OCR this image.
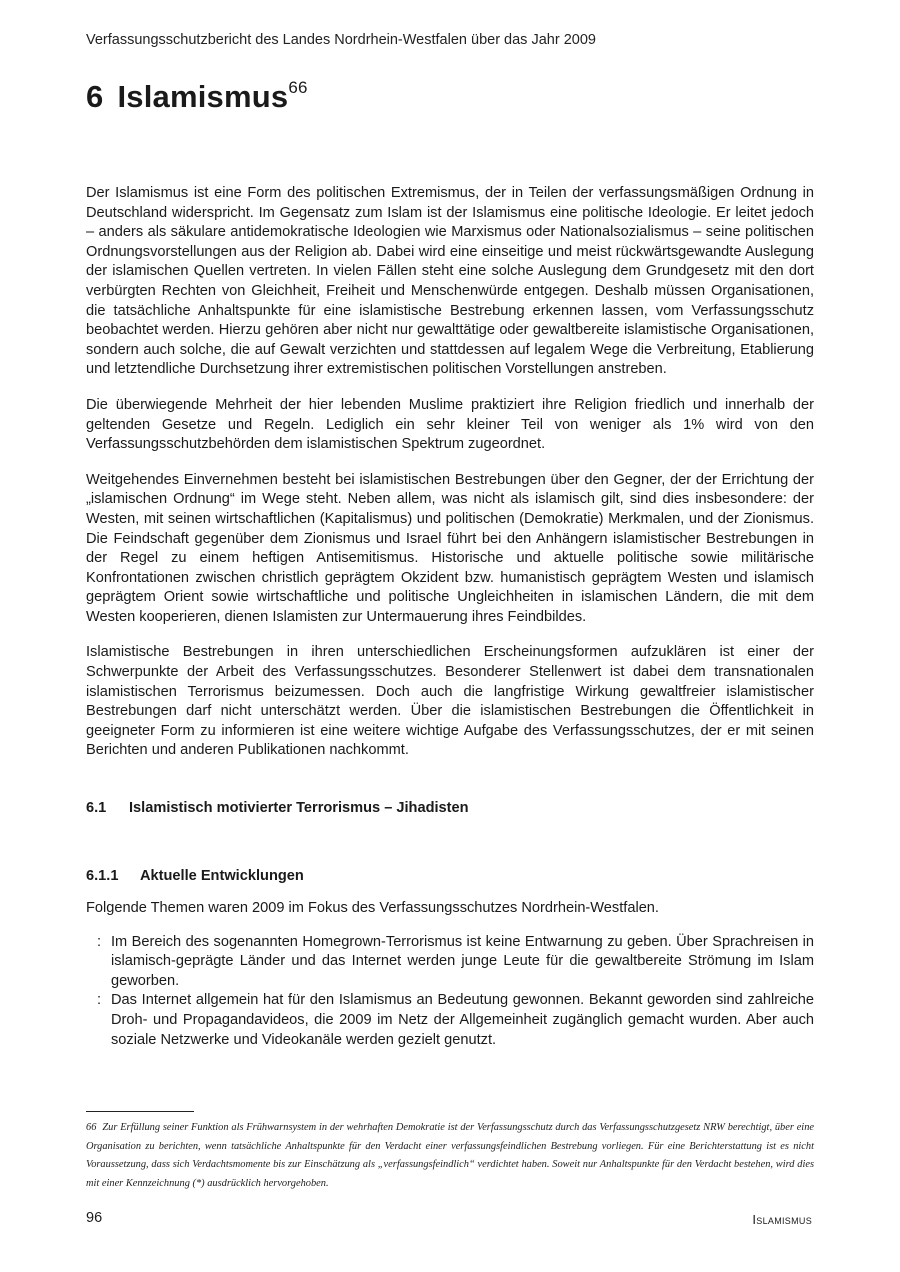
Verfassungsschutzbericht des Landes Nordrhein-Westfalen über das Jahr 2009
6 Islamismus$^{66}$

Der Islamismus ist eine Form des politischen Extremismus, der in Teilen der verfassungsmäßigen Ordnung in Deutschland widerspricht. Im Gegensatz zum Islam ist der Islamismus eine politische Ideologie. Er leitet jedoch – anders als säkulare antidemokratische Ideologien wie Marxismus oder Nationalsozialismus – seine politischen Ordnungsvorstellungen aus der Religion ab. Dabei wird eine einseitige und meist rückwärtsgewandte Auslegung der islamischen Quellen vertreten. In vielen Fällen steht eine solche Auslegung dem Grundgesetz mit den dort verbürgten Rechten von Gleichheit, Freiheit und Menschenwürde entgegen. Deshalb müssen Organisationen, die tatsächliche Anhaltspunkte für eine islamistische Bestrebung erkennen lassen, vom Verfassungsschutz beobachtet werden. Hierzu gehören aber nicht nur gewalttätige oder gewaltbereite islamistische Organisationen, sondern auch solche, die auf Gewalt verzichten und stattdessen auf legalem Wege die Verbreitung, Etablierung und letztendliche Durchsetzung ihrer extremistischen politischen Vorstellungen anstreben.

Die überwiegende Mehrheit der hier lebenden Muslime praktiziert ihre Religion friedlich und innerhalb der geltenden Gesetze und Regeln. Lediglich ein sehr kleiner Teil von weniger als 1% wird von den Verfassungsschutzbehörden dem islamistischen Spektrum zugeordnet.

Weitgehendes Einvernehmen besteht bei islamistischen Bestrebungen über den Gegner, der der Errichtung der „islamischen Ordnung“ im Wege steht. Neben allem, was nicht als islamisch gilt, sind dies insbesondere: der Westen, mit seinen wirtschaftlichen (Kapitalismus) und politischen (Demokratie) Merkmalen, und der Zionismus. Die Feindschaft gegenüber dem Zionismus und Israel führt bei den Anhängern islamistischer Bestrebungen in der Regel zu einem heftigen Antisemitismus. Historische und aktuelle politische sowie militärische Konfrontationen zwischen christlich geprägtem Okzident bzw. humanistisch geprägtem Westen und islamisch geprägtem Orient sowie wirtschaftliche und politische Ungleichheiten in islamischen Ländern, die mit dem Westen kooperieren, dienen Islamisten zur Untermauerung ihres Feindbildes.

Islamistische Bestrebungen in ihren unterschiedlichen Erscheinungsformen aufzuklären ist einer der Schwerpunkte der Arbeit des Verfassungsschutzes. Besonderer Stellenwert ist dabei dem transnationalen islamistischen Terrorismus beizumessen. Doch auch die langfristige Wirkung gewaltfreier islamistischer Bestrebungen darf nicht unterschätzt werden. Über die islamistischen Bestrebungen die Öffentlichkeit in geeigneter Form zu informieren ist eine weitere wichtige Aufgabe des Verfassungsschutzes, der er mit seinen Berichten und anderen Publikationen nachkommt.

6.1 Islamistisch motivierter Terrorismus – Jihadisten
6.1.1 Aktuelle Entwicklungen

Folgende Themen waren 2009 im Fokus des Verfassungsschutzes Nordrhein-Westfalen.

: Im Bereich des sogenannten Homegrown-Terrorismus ist keine Entwarnung zu geben. Über Sprachreisen in islamisch-geprägte Länder und das Internet werden junge Leute für die gewaltbereite Strömung im Islam geworben.
: Das Internet allgemein hat für den Islamismus an Bedeutung gewonnen. Bekannt geworden sind zahlreiche Droh- und Propagandavideos, die 2009 im Netz der Allgemeinheit zugänglich gemacht wurden. Aber auch soziale Netzwerke und Videokanäle werden gezielt genutzt.
66 Zur Erfüllung seiner Funktion als Frühwarnsystem in der wehrhaften Demokratie ist der Verfassungsschutz durch das Verfassungsschutzgesetz NRW berechtigt, über eine Organisation zu berichten, wenn tatsächliche Anhaltspunkte für den Verdacht einer verfassungsfeindlichen Bestrebung vorliegen. Für eine Berichterstattung ist es nicht Voraussetzung, dass sich Verdachtsmomente bis zur Einschätzung als „verfassungsfeindlich“ verdichtet haben. Soweit nur Anhaltspunkte für den Verdacht bestehen, wird dies mit einer Kennzeichnung (*) ausdrücklich hervorgehoben.
96	Islamismus
